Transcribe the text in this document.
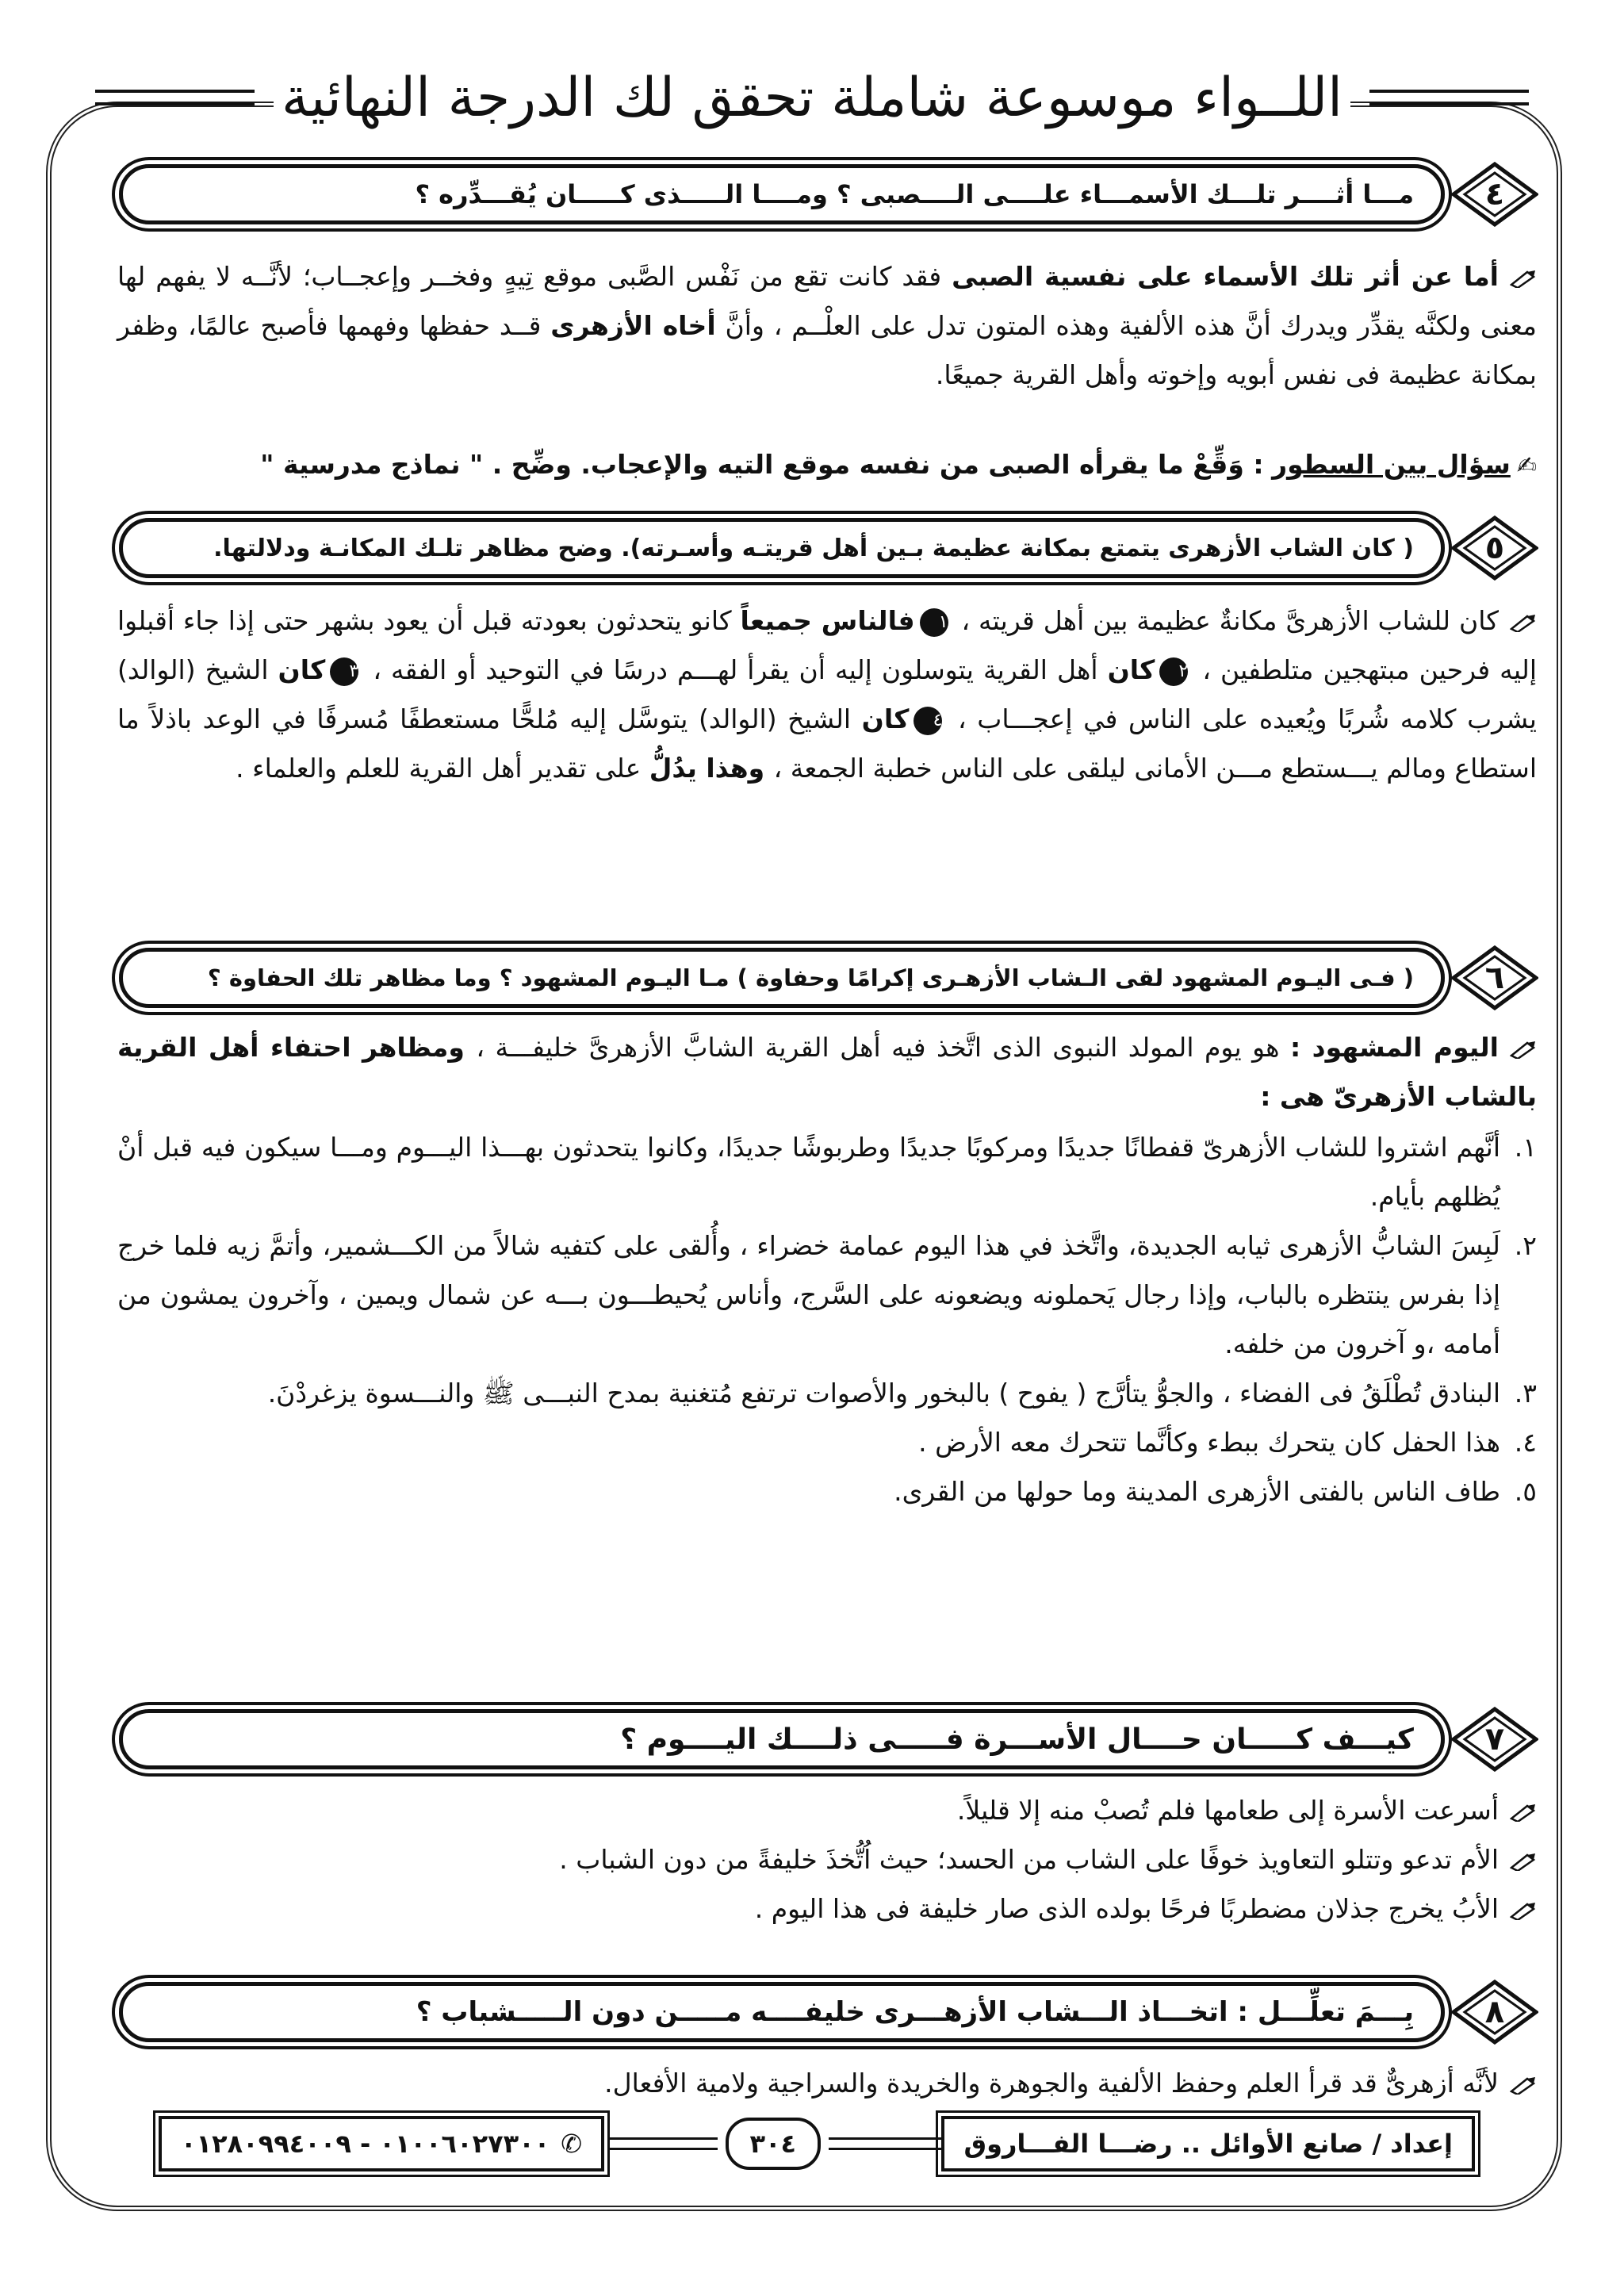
اللــواء موسوعة شاملة تحقق لك الدرجة النهائية
٤
مـــا أثــــر تلـــك الأسمـــاء علــــى الــــصبى ؟ ومــــا الـــــذى كـــــان يُقـــدِّره ؟
أما عن أثر تلك الأسماء على نفسية الصبى فقد كانت تقع من نَفْس الصَّبى موقع تِيهٍ وفخــر وإعجــاب؛ لأنَّــه لا يفهم لها معنى ولكنَّه يقدِّر ويدرك أنَّ هذه الألفية وهذه المتون تدل على العلْــم ، وأنَّ أخاه الأزهرى قــد حفظها وفهمها فأصبح عالمًا، وظفر بمكانة عظيمة فى نفس أبويه وإخوته وأهل القرية جميعًا.
✍سؤال بين السطور : وَقِّعْ ما يقرأه الصبى من نفسه موقع التيه والإعجاب. وضِّح . " نماذج مدرسية "
٥
( كان الشاب الأزهرى يتمتع بمكانة عظيمة بـين أهل قريتـه وأسـرته). وضح مظاهر تلـك المكانـة ودلالتها.
كان للشاب الأزهرىَّ مكانةٌ عظيمة بين أهل قريته ، ١فالناس جميعاً كانو يتحدثون بعودته قبل أن يعود بشهر حتى إذا جاء أقبلوا إليه فرحين مبتهجين متلطفين ، ٢كان أهل القرية يتوسلون إليه أن يقرأ لهـــم درسًا في التوحيد أو الفقه ، ٣كان الشيخ (الوالد) يشرب كلامه شُربًا ويُعيده على الناس في إعجـــاب ، ٤كان الشيخ (الوالد) يتوسَّل إليه مُلحًّا مستعطفًا مُسرفًا في الوعد باذلاً ما استطاع ومالم يـــستطع مـــن الأمانى ليلقى على الناس خطبة الجمعة ، وهذا يدُلُّ على تقدير أهل القرية للعلم والعلماء .
٦
( فـى اليـوم المشهود لقى الـشاب الأزهـرى إكرامًا وحفاوة ) مـا اليـوم المشهود ؟ وما مظاهر تلك الحفاوة ؟
اليوم المشهود : هو يوم المولد النبوى الذى اتَّخذ فيه أهل القرية الشابَّ الأزهرىَّ خليفـــة ، ومظاهر احتفاء أهل القرية بالشاب الأزهرىّ هى :
١.
أنَّهم اشتروا للشاب الأزهرىّ قفطانًا جديدًا ومركوبًا جديدًا وطربوشًا جديدًا، وكانوا يتحدثون بهـــذا اليـــوم ومـــا سيكون فيه قبل أنْ يُظلهم بأيام.
٢.
لَبِسَ الشابُّ الأزهرى ثيابه الجديدة، واتَّخذ في هذا اليوم عمامة خضراء ، وأُلقى على كتفيه شالاً من الكـــشمير، وأتمَّ زيه فلما خرج إذا بفرس ينتظره بالباب، وإذا رجال يَحملونه ويضعونه على السَّرج، وأناس يُحيطـــون بـــه عن شمال ويمين ، وآخرون يمشون من أمامه ،و آخرون من خلفه.
٣.
البنادق تُطْلَقُ فى الفضاء ، والجوُّ يتأرَّج ( يفوح ) بالبخور والأصوات ترتفع مُتغنية بمدح النبـــى ﷺ والنـــسوة يزغردْنَ.
٤.
هذا الحفل كان يتحرك ببطء وكأنَّما تتحرك معه الأرض .
٥.
طاف الناس بالفتى الأزهرى المدينة وما حولها من القرى.
٧
كيـــف كـــــان حــــال الأســـرة فـــــى ذلــــك اليــــوم ؟
أسرعت الأسرة إلى طعامها فلم تُصبْ منه إلا قليلاً.
الأم تدعو وتتلو التعاويذ خوفًا على الشاب من الحسد؛ حيث اُتُّخذَ خليفةً من دون الشباب .
الأبُ يخرج جذلان مضطربًا فرحًا بولده الذى صار خليفة فى هذا اليوم .
٨
بِـــمَ تعلِّـــل : اتخـــاذ الـــشاب الأزهـــرى خليفــــه مـــــن دون الـــــشباب ؟
لأنَّه أزهرىٌّ قد قرأ العلم وحفظ الألفية والجوهرة والخريدة والسراجية ولامية الأفعال.
إعداد / صانع الأوائل .. رضـــا الفـــاروق
٣٠٤
✆
٠١٠٠٦٠٢٧٣٠٠ - ٠١٢٨٠٩٩٤٠٠٩
